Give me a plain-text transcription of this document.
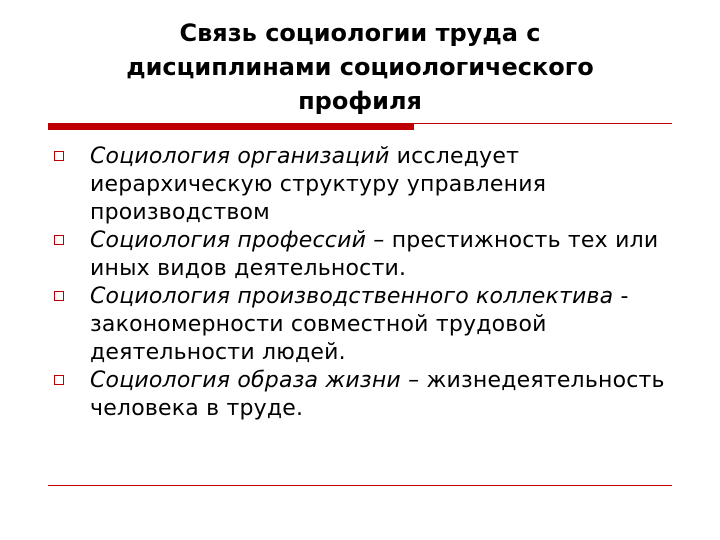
Связь социологии труда с
дисциплинами социологического
профиля
Социология организаций исследует иерархическую структуру управления производством
Социология профессий – престижность тех или иных видов деятельности.
Социология производственного коллектива - закономерности совместной трудовой деятельности людей.
Социология образа жизни – жизнедеятельность человека в труде.
